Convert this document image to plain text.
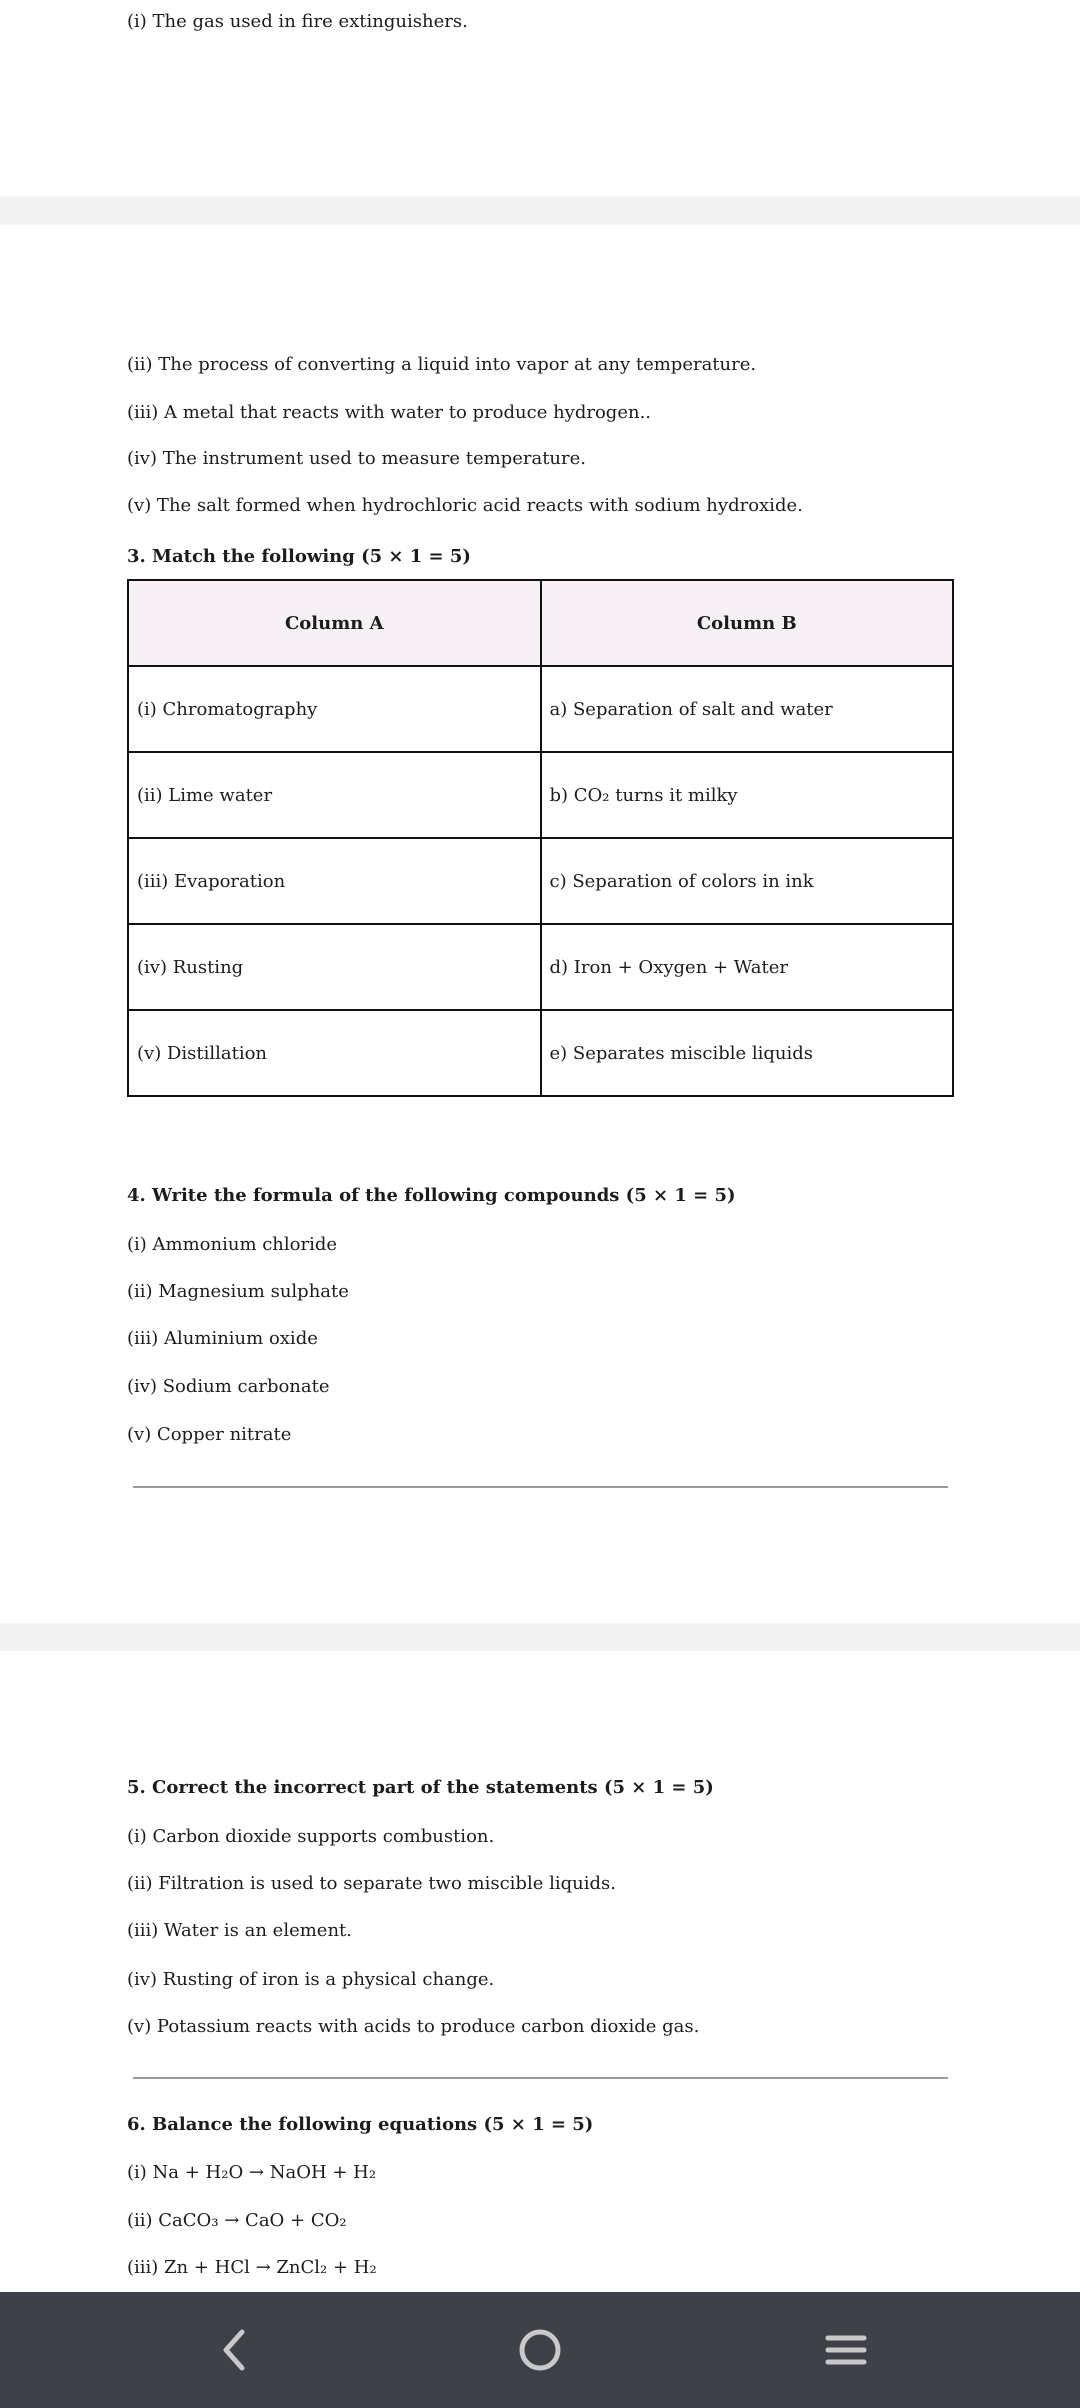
(i) The gas used in fire extinguishers.
(ii) The process of converting a liquid into vapor at any temperature.
(iii) A metal that reacts with water to produce hydrogen..
(iv) The instrument used to measure temperature.
(v) The salt formed when hydrochloric acid reacts with sodium hydroxide.
3. Match the following (5 × 1 = 5)
Column A	Column B
(i) Chromatography	a) Separation of salt and water
(ii) Lime water	b) CO₂ turns it milky
(iii) Evaporation	c) Separation of colors in ink
(iv) Rusting	d) Iron + Oxygen + Water
(v) Distillation	e) Separates miscible liquids
4. Write the formula of the following compounds (5 × 1 = 5)
(i) Ammonium chloride
(ii) Magnesium sulphate
(iii) Aluminium oxide
(iv) Sodium carbonate
(v) Copper nitrate
5. Correct the incorrect part of the statements (5 × 1 = 5)
(i) Carbon dioxide supports combustion.
(ii) Filtration is used to separate two miscible liquids.
(iii) Water is an element.
(iv) Rusting of iron is a physical change.
(v) Potassium reacts with acids to produce carbon dioxide gas.
6. Balance the following equations (5 × 1 = 5)
(i) Na + H₂O → NaOH + H₂
(ii) CaCO₃ → CaO + CO₂
(iii) Zn + HCl → ZnCl₂ + H₂
